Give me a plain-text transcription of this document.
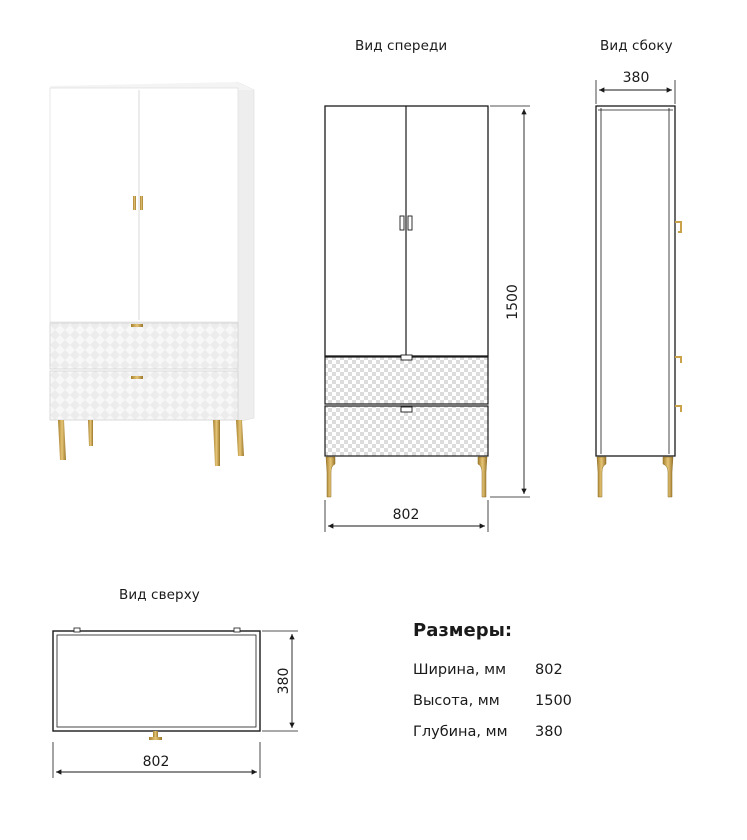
1500
802
380
380
802
Вид спереди	Вид сбоку
Вид сверху
Размеры:
Ширина, мм 802
Высота, мм 1500
Глубина, мм 380
